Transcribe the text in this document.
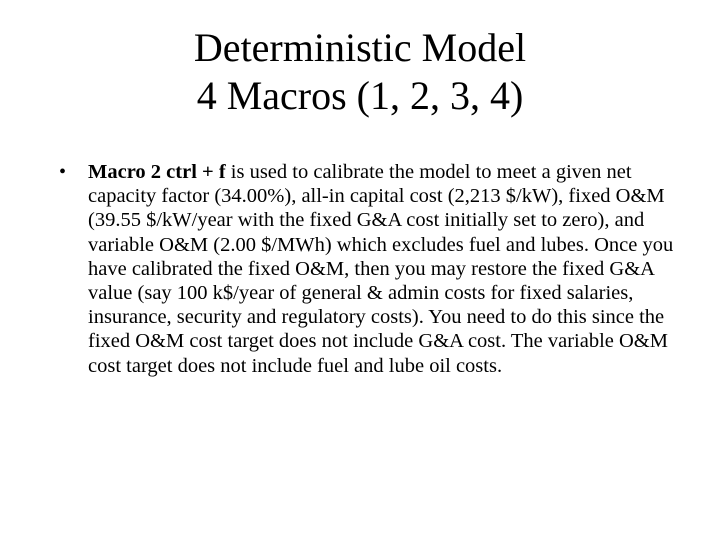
Deterministic Model
4 Macros (1, 2, 3, 4)
• Macro 2 ctrl + f is used to calibrate the model to meet a given net capacity factor (34.00%), all-in capital cost (2,213 $/kW), fixed O&M (39.55 $/kW/year with the fixed G&A cost initially set to zero), and variable O&M (2.00 $/MWh) which excludes fuel and lubes. Once you have calibrated the fixed O&M, then you may restore the fixed G&A value (say 100 k$/year of general & admin costs for fixed salaries, insurance, security and regulatory costs). You need to do this since the fixed O&M cost target does not include G&A cost. The variable O&M cost target does not include fuel and lube oil costs.
